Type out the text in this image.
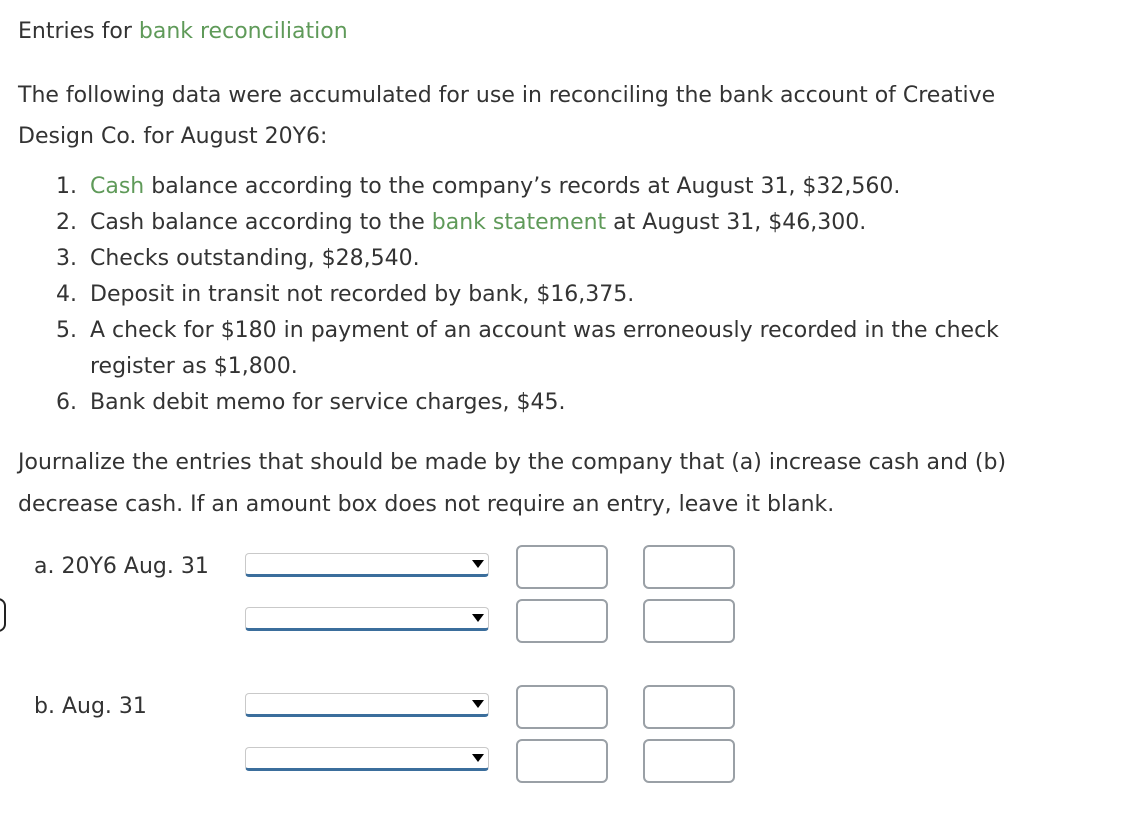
Entries for bank reconciliation
The following data were accumulated for use in reconciling the bank account of Creative
Design Co. for August 20Y6:
1. Cash balance according to the company’s records at August 31, $32,560.
2. Cash balance according to the bank statement at August 31, $46,300.
3. Checks outstanding, $28,540.
4. Deposit in transit not recorded by bank, $16,375.
5. A check for $180 in payment of an account was erroneously recorded in the check
register as $1,800.
6. Bank debit memo for service charges, $45.
Journalize the entries that should be made by the company that (a) increase cash and (b)
decrease cash. If an amount box does not require an entry, leave it blank.
a. 20Y6 Aug. 31
b. Aug. 31
